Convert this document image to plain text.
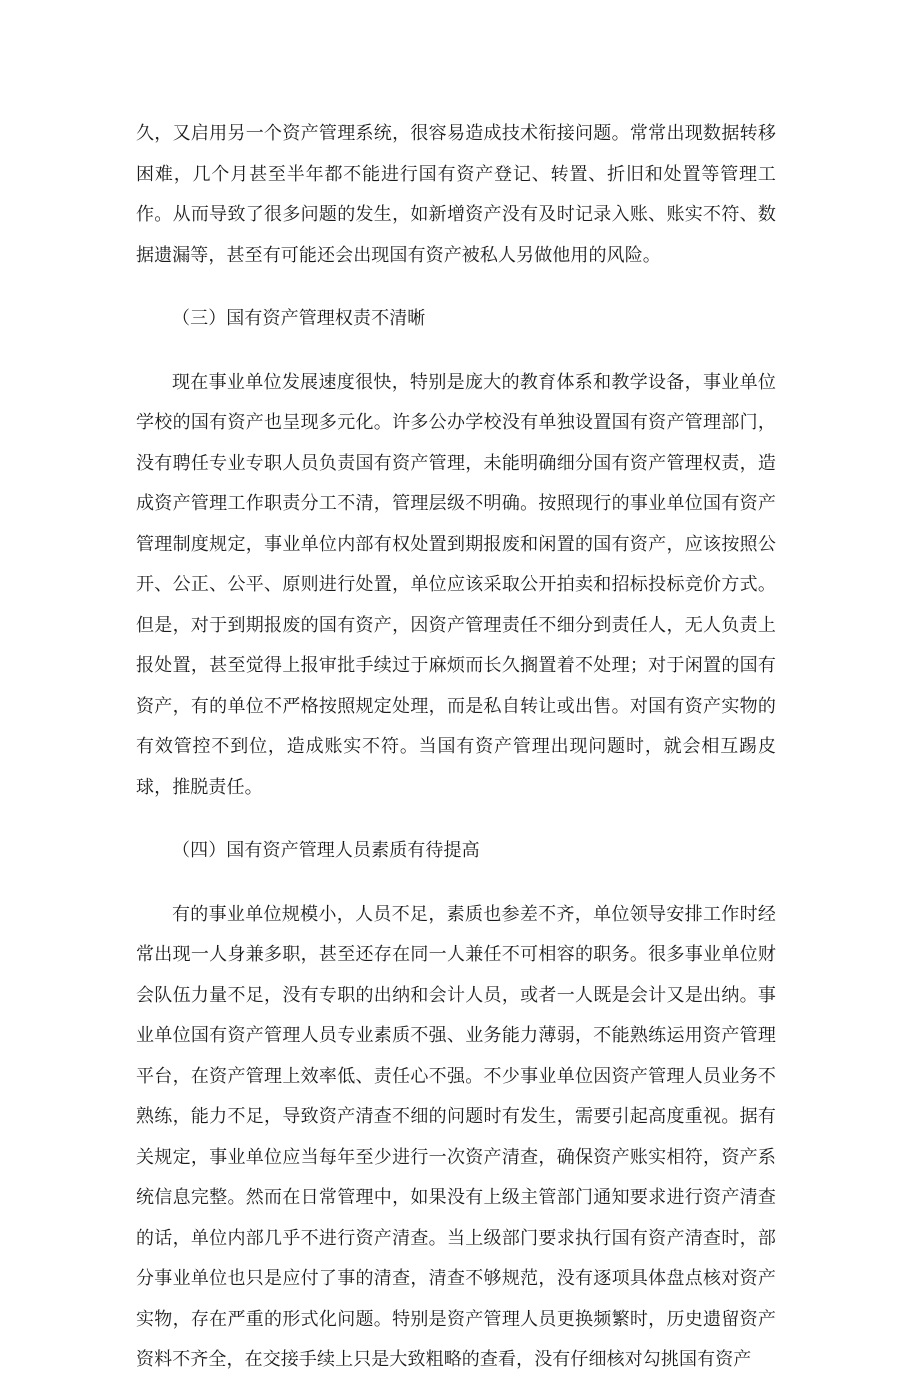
久，又启用另一个资产管理系统，很容易造成技术衔接问题。常常出现数据转移困难，几个月甚至半年都不能进行国有资产登记、转置、折旧和处置等管理工作。从而导致了很多问题的发生，如新增资产没有及时记录入账、账实不符、数据遗漏等，甚至有可能还会出现国有资产被私人另做他用的风险。

（三）国有资产管理权责不清晰

现在事业单位发展速度很快，特别是庞大的教育体系和教学设备，事业单位学校的国有资产也呈现多元化。许多公办学校没有单独设置国有资产管理部门，没有聘任专业专职人员负责国有资产管理，未能明确细分国有资产管理权责，造成资产管理工作职责分工不清，管理层级不明确。按照现行的事业单位国有资产管理制度规定，事业单位内部有权处置到期报废和闲置的国有资产，应该按照公开、公正、公平、原则进行处置，单位应该采取公开拍卖和招标投标竞价方式。但是，对于到期报废的国有资产，因资产管理责任不细分到责任人，无人负责上报处置，甚至觉得上报审批手续过于麻烦而长久搁置着不处理；对于闲置的国有资产，有的单位不严格按照规定处理，而是私自转让或出售。对国有资产实物的有效管控不到位，造成账实不符。当国有资产管理出现问题时，就会相互踢皮球，推脱责任。

（四）国有资产管理人员素质有待提高

有的事业单位规模小，人员不足，素质也参差不齐，单位领导安排工作时经常出现一人身兼多职，甚至还存在同一人兼任不可相容的职务。很多事业单位财会队伍力量不足，没有专职的出纳和会计人员，或者一人既是会计又是出纳。事业单位国有资产管理人员专业素质不强、业务能力薄弱，不能熟练运用资产管理平台，在资产管理上效率低、责任心不强。不少事业单位因资产管理人员业务不熟练，能力不足，导致资产清查不细的问题时有发生，需要引起高度重视。据有关规定，事业单位应当每年至少进行一次资产清查，确保资产账实相符，资产系统信息完整。然而在日常管理中，如果没有上级主管部门通知要求进行资产清查的话，单位内部几乎不进行资产清查。当上级部门要求执行国有资产清查时，部分事业单位也只是应付了事的清查，清查不够规范，没有逐项具体盘点核对资产实物，存在严重的形式化问题。特别是资产管理人员更换频繁时，历史遗留资产资料不齐全，在交接手续上只是大致粗略的查看，没有仔细核对勾挑国有资产
